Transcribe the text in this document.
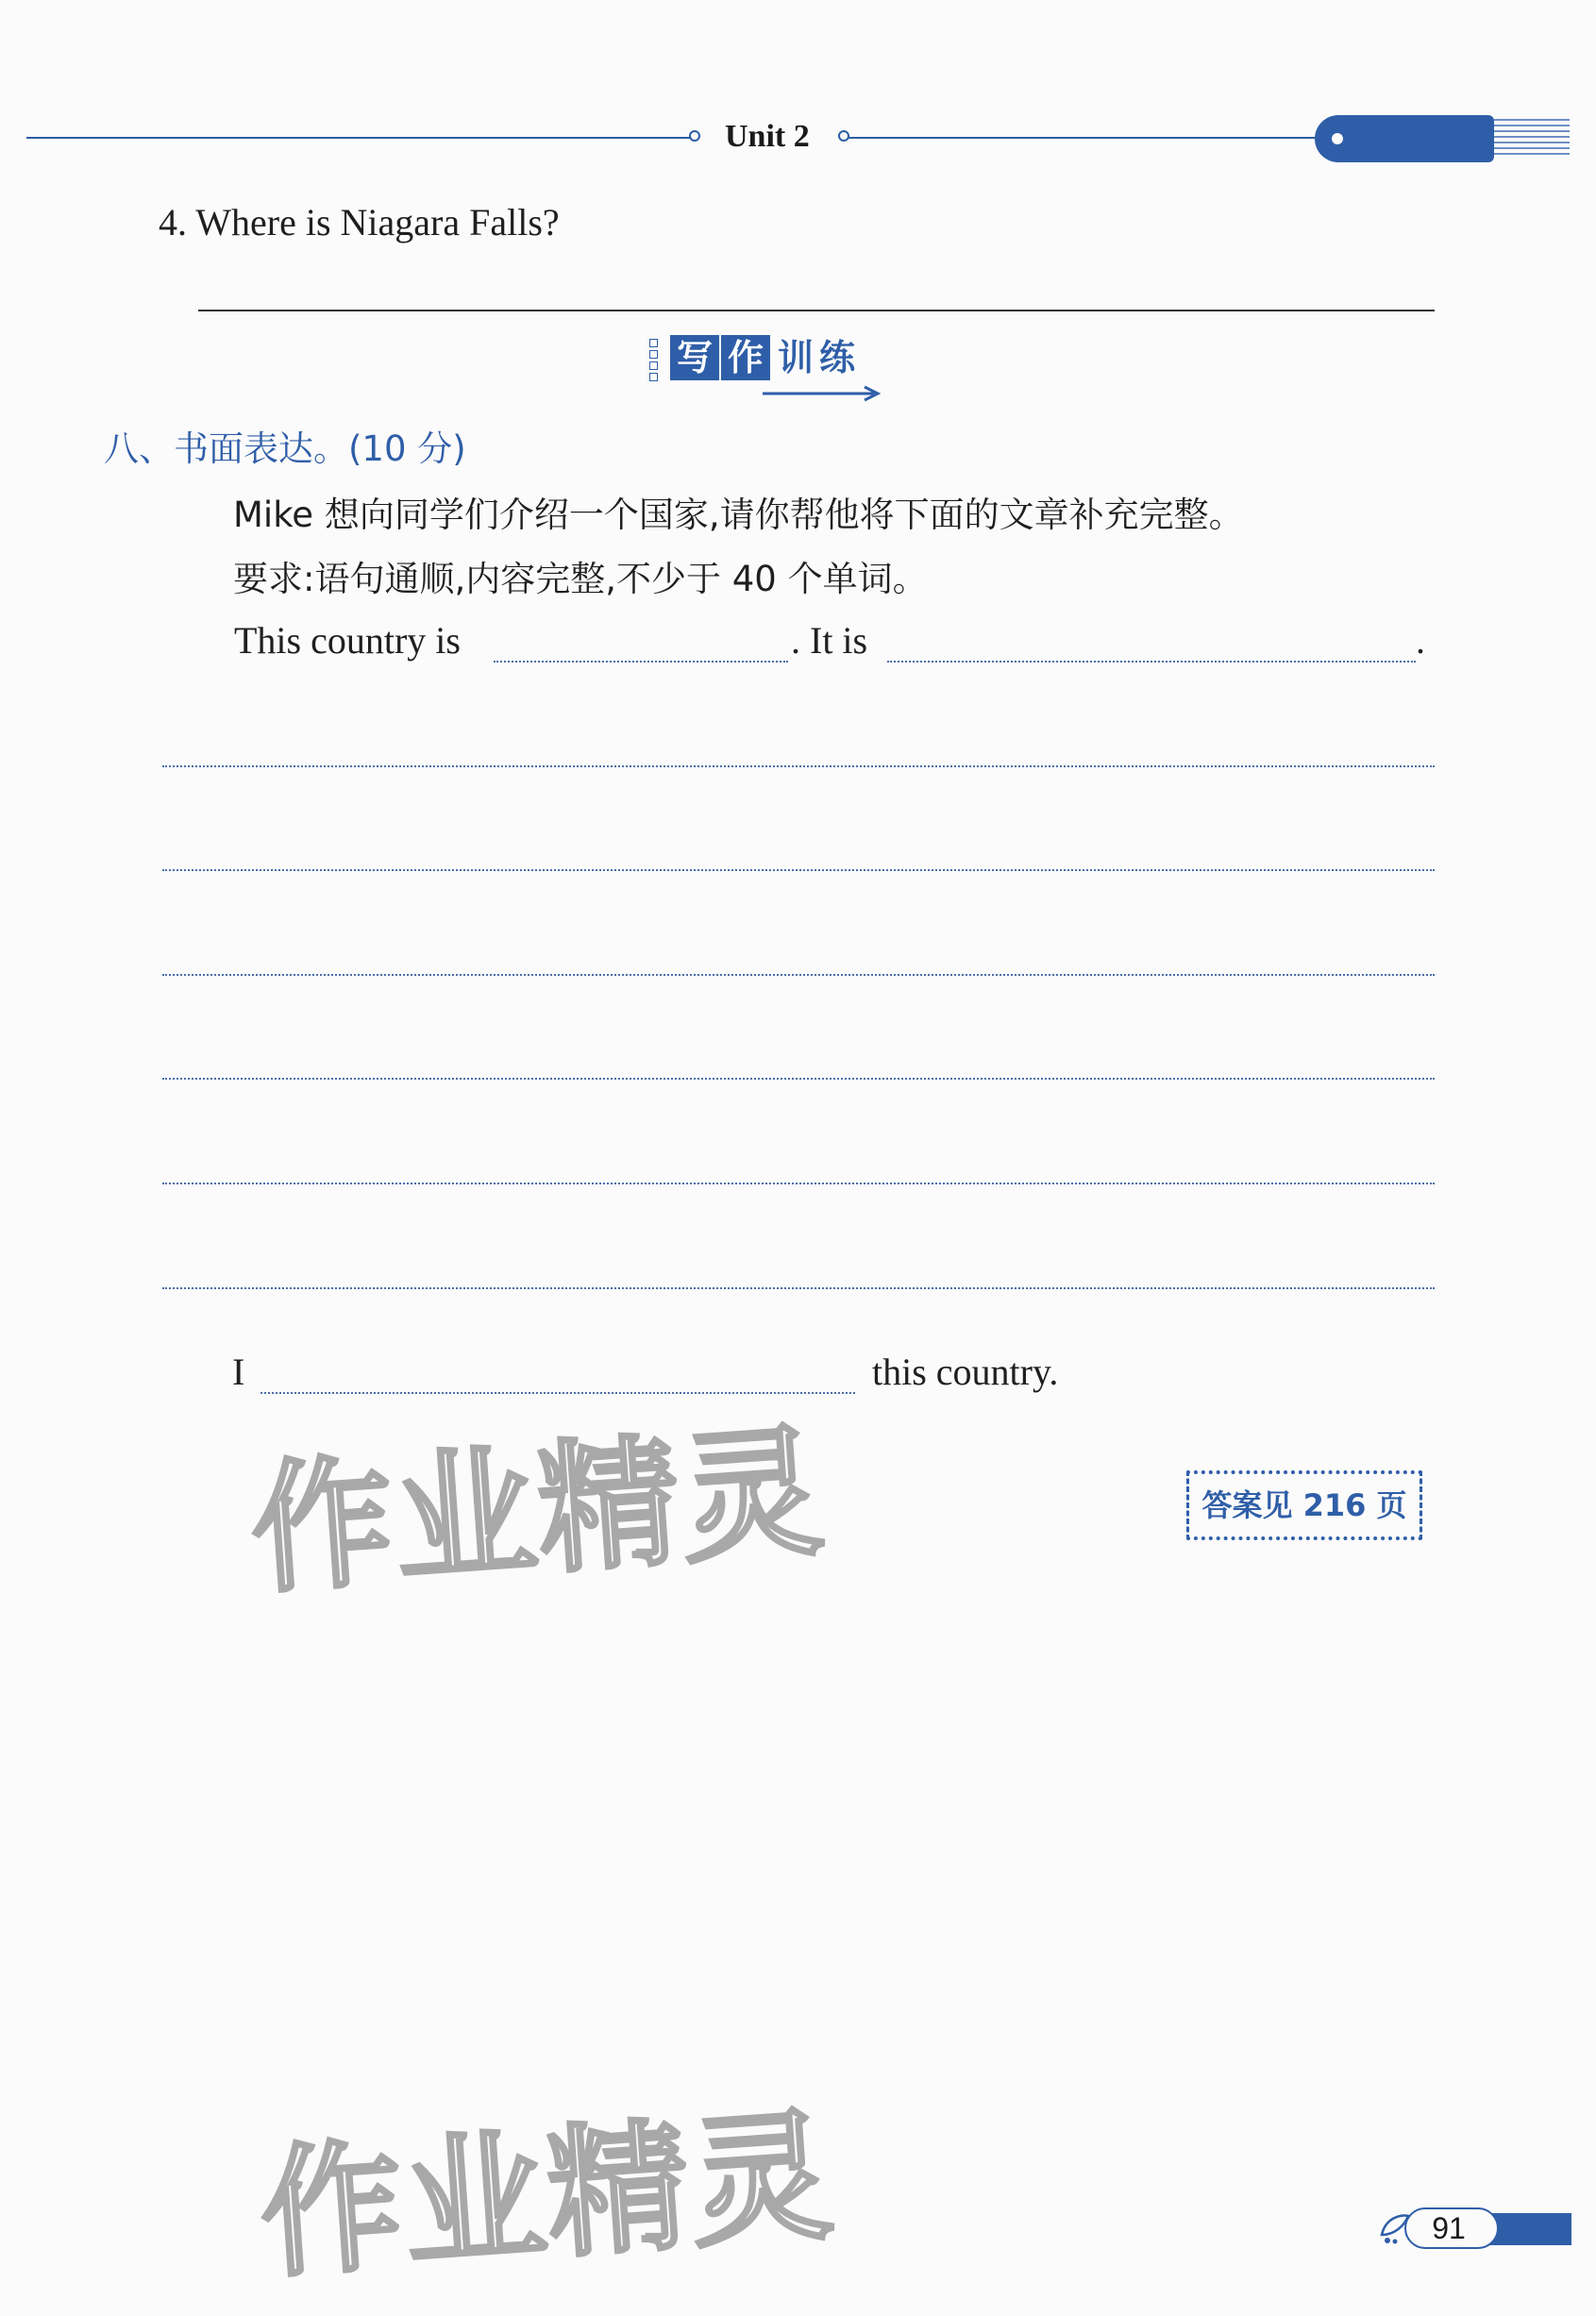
Unit 2
4. Where is Niagara Falls?
写 作 训 练
八、书面表达。(10 分)
Mike 想向同学们介绍一个国家,请你帮他将下面的文章补充完整。
要求:语句通顺,内容完整,不少于 40 个单词。
This country is	. It is	.
I	this country.
作业精灵	答案见 216 页
作业精灵	91
